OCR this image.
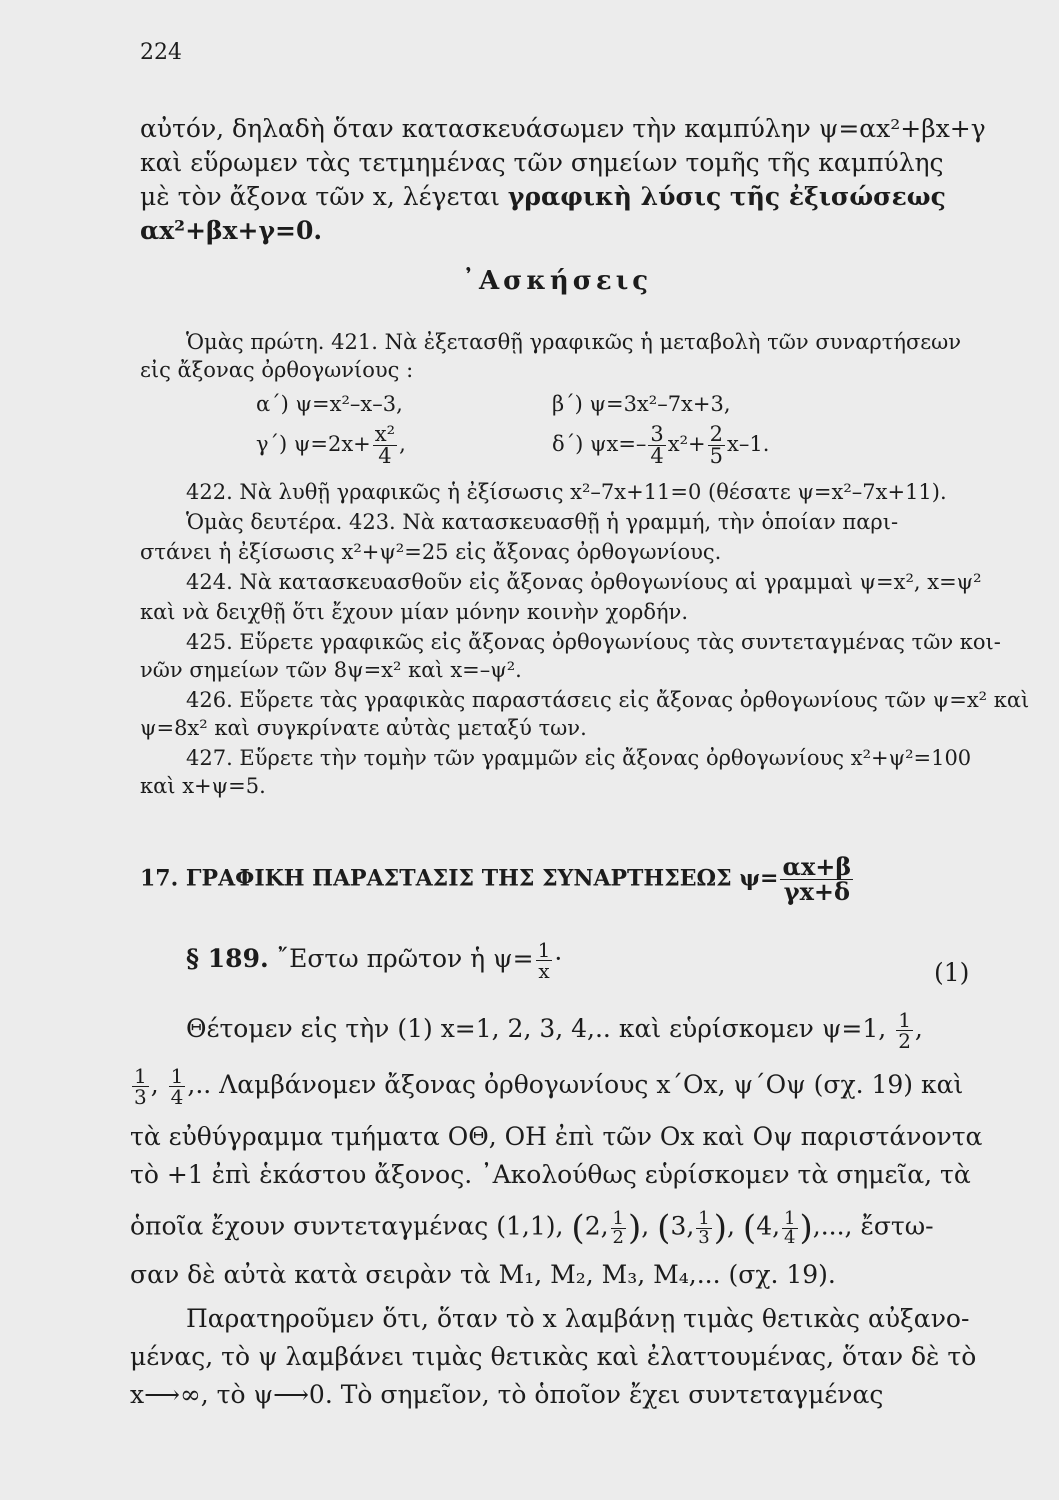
224
αὐτόν, δηλαδὴ ὅταν κατασκευάσωμεν τὴν καμπύλην ψ=αx²+βx+γ
καὶ εὕρωμεν τὰς τετμημένας τῶν σημείων τομῆς τῆς καμπύλης
μὲ τὸν ἄξονα τῶν x, λέγεται γραφικὴ λύσις τῆς ἐξισώσεως
αx²+βx+γ=0.
᾽Ασκήσεις
Ὁμὰς πρώτη. 421. Νὰ ἐξετασθῇ γραφικῶς ἡ μεταβολὴ τῶν συναρτήσεων
εἰς ἄξονας ὀρθογωνίους :
α΄) ψ=x²–x–3,	β΄) ψ=3x²–7x+3,
γ΄) $\psi=2x+ \frac{\text{x²}}{4}$ ,	δ΄) $\psi x=- \frac{3}{4} x^2+ \frac{2}{5} x-1$.
422. Νὰ λυθῇ γραφικῶς ἡ ἐξίσωσις x²–7x+11=0 (θέσατε ψ=x²–7x+11).
Ὁμὰς δευτέρα. 423. Νὰ κατασκευασθῇ ἡ γραμμή, τὴν ὁποίαν παρι-
στάνει ἡ ἐξίσωσις x²+ψ²=25 εἰς ἄξονας ὀρθογωνίους.
424. Νὰ κατασκευασθοῦν εἰς ἄξονας ὀρθογωνίους αἱ γραμμαὶ ψ=x², x=ψ²
καὶ νὰ δειχθῇ ὅτι ἔχουν μίαν μόνην κοινὴν χορδήν.
425. Εὕρετε γραφικῶς εἰς ἄξονας ὀρθογωνίους τὰς συντεταγμένας τῶν κοι-
νῶν σημείων τῶν 8ψ=x² καὶ x=–ψ².
426. Εὕρετε τὰς γραφικὰς παραστάσεις εἰς ἄξονας ὀρθογωνίους τῶν ψ=x² καὶ
ψ=8x² καὶ συγκρίνατε αὐτὰς μεταξύ των.
427. Εὕρετε τὴν τομὴν τῶν γραμμῶν εἰς ἄξονας ὀρθογωνίους x²+ψ²=100
καὶ x+ψ=5.
17. ΓΡΑΦΙΚΗ ΠΑΡΑΣΤΑΣΙΣ ΤΗΣ ΣΥΝΑΡΤΗΣΕΩΣ $\psi= \frac{\alpha x+\beta}{\gamma x+\delta}$
§ 189. ῎Εστω πρῶτον ἡ $\psi= \frac{1}{x}$ ·	(1)
Θέτομεν εἰς τὴν (1) x=1, 2, 3, 4,.. καὶ εὑρίσκομεν ψ=1, $\frac{1}{2}$ ,
$\frac{1}{3}$ , $\frac{1}{4}$ ,.. Λαμβάνομεν ἄξονας ὀρθογωνίους x΄Ox, ψ΄Oψ (σχ. 19) καὶ
τὰ εὐθύγραμμα τμήματα ΟΘ, ΟΗ ἐπὶ τῶν Οx καὶ Οψ παριστάνοντα
τὸ +1 ἐπὶ ἑκάστου ἄξονος. ᾽Ακολούθως εὑρίσκομεν τὰ σημεῖα, τὰ
ὁποῖα ἔχουν συντεταγμένας (1,1), (2, $\frac{1}{2}$ ), (3, $\frac{1}{3}$ ), (4, $\frac{1}{4}$ ),..., ἔστω-
σαν δὲ αὐτὰ κατὰ σειρὰν τὰ M₁, M₂, M₃, M₄,... (σχ. 19).
Παρατηροῦμεν ὅτι, ὅταν τὸ x λαμβάνῃ τιμὰς θετικὰς αὐξανο-
μένας, τὸ ψ λαμβάνει τιμὰς θετικὰς καὶ ἐλαττουμένας, ὅταν δὲ τὸ
x⟶∞, τὸ ψ⟶0. Τὸ σημεῖον, τὸ ὁποῖον ἔχει συντεταγμένας
